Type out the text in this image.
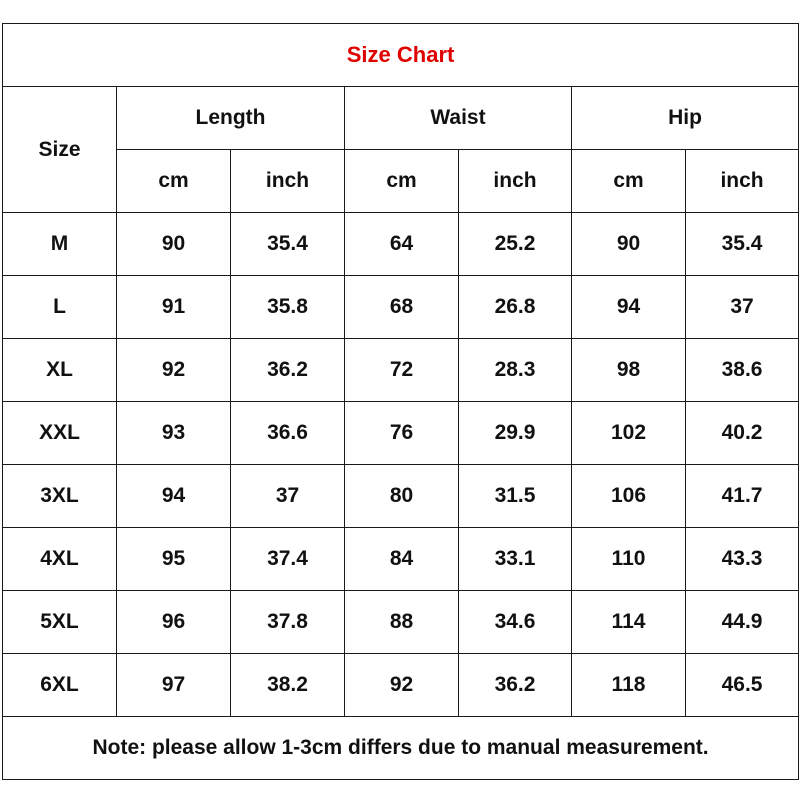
Size Chart						
Size	Length		Waist		Hip	
	cm	inch	cm	inch	cm	inch
M	90	35.4	64	25.2	90	35.4
L	91	35.8	68	26.8	94	37
XL	92	36.2	72	28.3	98	38.6
XXL	93	36.6	76	29.9	102	40.2
3XL	94	37	80	31.5	106	41.7
4XL	95	37.4	84	33.1	110	43.3
5XL	96	37.8	88	34.6	114	44.9
6XL	97	38.2	92	36.2	118	46.5
Note: please allow 1-3cm differs due to manual measurement.						
